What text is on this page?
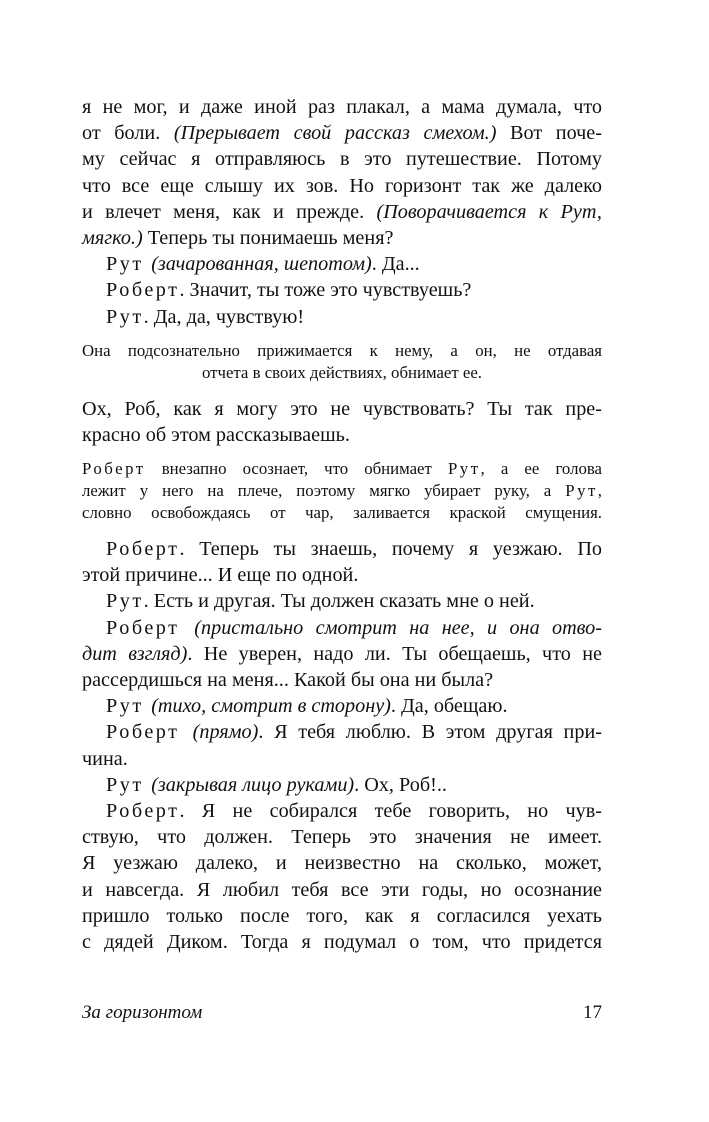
я не мог, и даже иной раз плакал, а мама думала, что
от боли. (Прерывает свой рассказ смехом.) Вот поче-
му сейчас я отправляюсь в это путешествие. Потому
что все еще слышу их зов. Но горизонт так же далеко
и влечет меня, как и прежде. (Поворачивается к Рут,
мягко.) Теперь ты понимаешь меня?
Рут (зачарованная, шепотом). Да...
Роберт. Значит, ты тоже это чувствуешь?
Рут. Да, да, чувствую!
Она подсознательно прижимается к нему, а он, не отдавая
отчета в своих действиях, обнимает ее.
Ох, Роб, как я могу это не чувствовать? Ты так пре-
красно об этом рассказываешь.
Роберт внезапно осознает, что обнимает Рут, а ее голова
лежит у него на плече, поэтому мягко убирает руку, а Рут,
словно освобождаясь от чар, заливается краской смущения.
Роберт. Теперь ты знаешь, почему я уезжаю. По
этой причине... И еще по одной.
Рут. Есть и другая. Ты должен сказать мне о ней.
Роберт (пристально смотрит на нее, и она отво-
дит взгляд). Не уверен, надо ли. Ты обещаешь, что не
рассердишься на меня... Какой бы она ни была?
Рут (тихо, смотрит в сторону). Да, обещаю.
Роберт (прямо). Я тебя люблю. В этом другая при-
чина.
Рут (закрывая лицо руками). Ох, Роб!..
Роберт. Я не собирался тебе говорить, но чув-
ствую, что должен. Теперь это значения не имеет.
Я уезжаю далеко, и неизвестно на сколько, может,
и навсегда. Я любил тебя все эти годы, но осознание
пришло только после того, как я согласился уехать
с дядей Диком. Тогда я подумал о том, что придется
За горизонтом	17
